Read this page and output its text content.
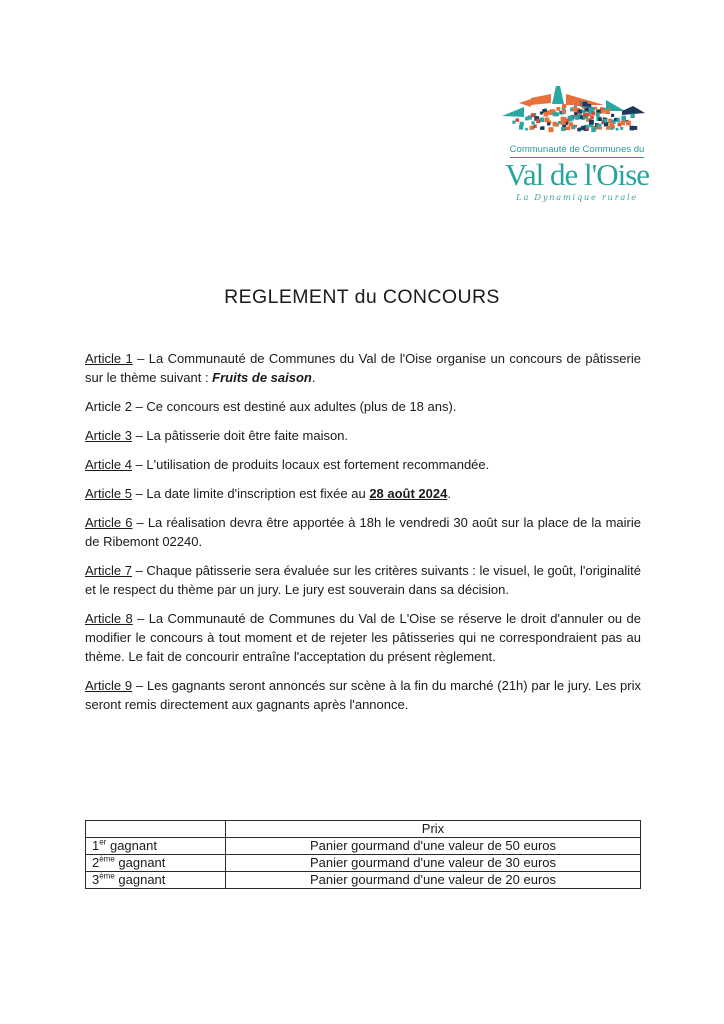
Communauté de Communes du
Val de l'Oise
La Dynamique rurale
REGLEMENT du CONCOURS

Article 1 – La Communauté de Communes du Val de l'Oise organise un concours de pâtisserie sur le thème suivant : Fruits de saison.

Article 2 – Ce concours est destiné aux adultes (plus de 18 ans).

Article 3 – La pâtisserie doit être faite maison.

Article 4 – L'utilisation de produits locaux est fortement recommandée.

Article 5 – La date limite d'inscription est fixée au 28 août 2024.

Article 6 – La réalisation devra être apportée à 18h le vendredi 30 août sur la place de la mairie de Ribemont 02240.

Article 7 – Chaque pâtisserie sera évaluée sur les critères suivants : le visuel, le goût, l'originalité et le respect du thème par un jury. Le jury est souverain dans sa décision.

Article 8 – La Communauté de Communes du Val de L'Oise se réserve le droit d'annuler ou de modifier le concours à tout moment et de rejeter les pâtisseries qui ne correspondraient pas au thème. Le fait de concourir entraîne l'acceptation du présent règlement.

Article 9 – Les gagnants seront annoncés sur scène à la fin du marché (21h) par le jury. Les prix seront remis directement aux gagnants après l'annonce.

	Prix
1er gagnant	Panier gourmand d'une valeur de 50 euros
2ème gagnant	Panier gourmand d'une valeur de 30 euros
3ème gagnant	Panier gourmand d'une valeur de 20 euros
